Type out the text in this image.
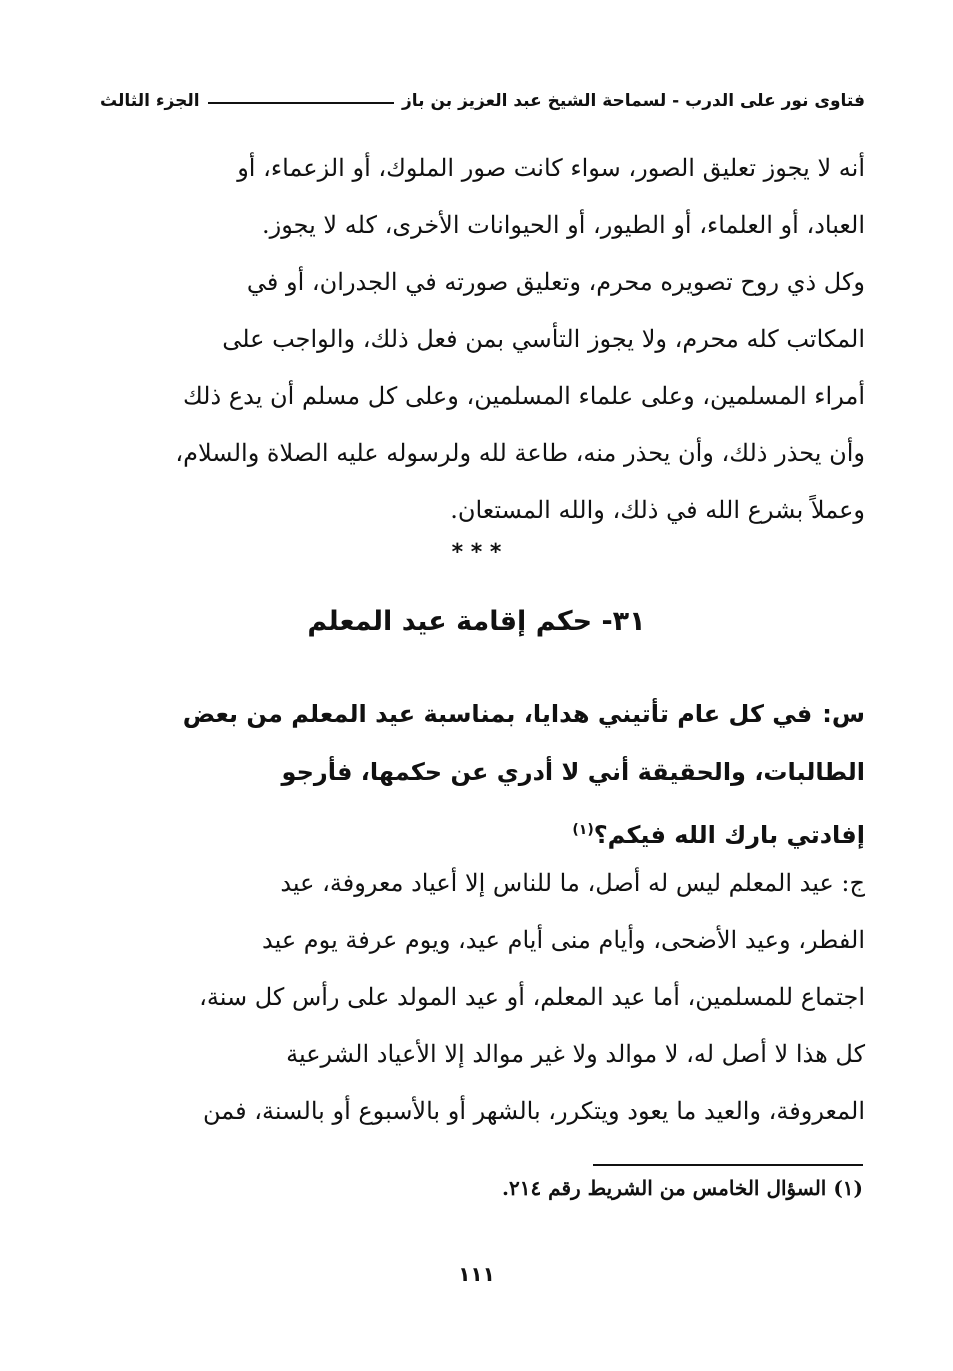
فتاوى نور على الدرب - لسماحة الشيخ عبد العزيز بن باز
الجزء الثالث

أنه لا يجوز تعليق الصور، سواء كانت صور الملوك، أو الزعماء، أو

العباد، أو العلماء، أو الطيور، أو الحيوانات الأخرى، كله لا يجوز.

وكل ذي روح تصويره محرم، وتعليق صورته في الجدران، أو في

المكاتب كله محرم، ولا يجوز التأسي بمن فعل ذلك، والواجب على

أمراء المسلمين، وعلى علماء المسلمين، وعلى كل مسلم أن يدع ذلك

وأن يحذر ذلك، وأن يحذر منه، طاعة لله ولرسوله عليه الصلاة والسلام،

وعملاً بشرع الله في ذلك، والله المستعان.

* * *
٣١- حكم إقامة عيد المعلم

س:في كل عام تأتيني هدايا، بمناسبة عيد المعلم من بعض

الطالبات، والحقيقة أني لا أدري عن حكمها، فأرجو

إفادتي بارك الله فيكم؟$^{(١)}$

ج: عيد المعلم ليس له أصل، ما للناس إلا أعياد معروفة، عيد

الفطر، وعيد الأضحى، وأيام منى أيام عيد، ويوم عرفة يوم عيد

اجتماع للمسلمين، أما عيد المعلم، أو عيد المولد على رأس كل سنة،

كل هذا لا أصل له، لا موالد ولا غير موالد إلا الأعياد الشرعية

المعروفة، والعيد ما يعود ويتكرر، بالشهر أو بالأسبوع أو بالسنة، فمن

(١) السؤال الخامس من الشريط رقم ٢١٤.
١١١
